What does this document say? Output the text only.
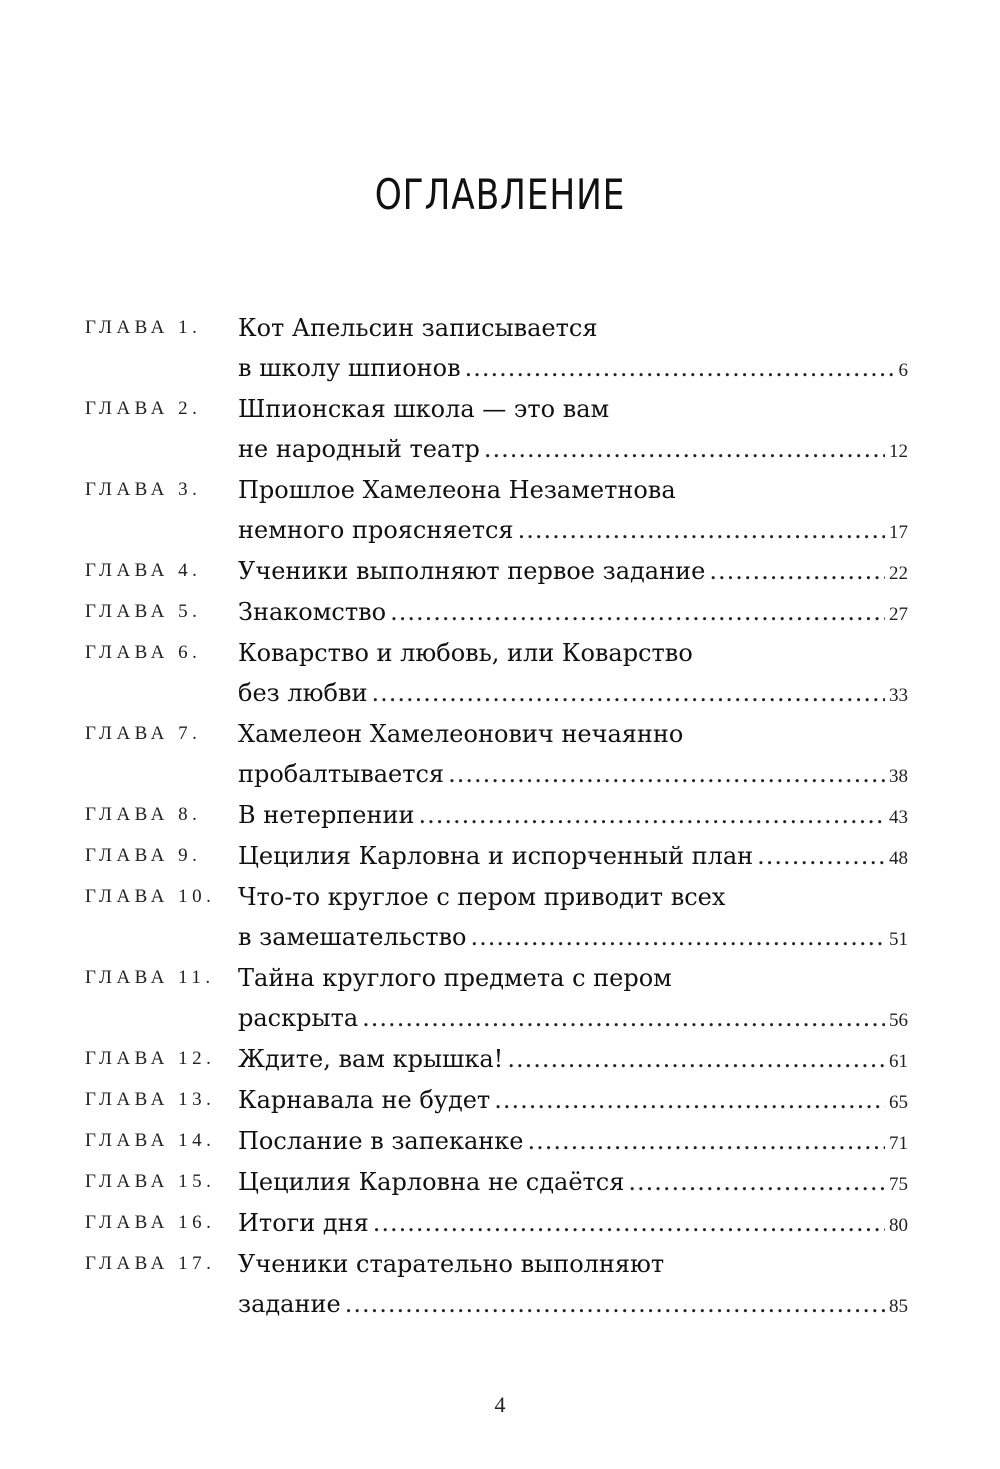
ОГЛАВЛЕНИЕ
ГЛАВА 1. Кот Апельсин записывается
в школу шпионов .....	6
ГЛАВА 2. Шпионская школа — это вам
не народный театр .....	12
ГЛАВА 3. Прошлое Хамелеона Незаметнова
немного проясняется .....	17
ГЛАВА 4. Ученики выполняют первое задание .....	22
ГЛАВА 5. Знакомство .....	27
ГЛАВА 6. Коварство и любовь, или Коварство
без любви .....	33
ГЛАВА 7. Хамелеон Хамелеонович нечаянно
пробалтывается .....	38
ГЛАВА 8. В нетерпении .....	43
ГЛАВА 9. Цецилия Карловна и испорченный план .....	48
ГЛАВА 10. Что-то круглое с пером приводит всех
в замешательство .....	51
ГЛАВА 11. Тайна круглого предмета с пером
раскрыта .....	56
ГЛАВА 12. Ждите, вам крышка! .....	61
ГЛАВА 13. Карнавала не будет .....	65
ГЛАВА 14. Послание в запеканке .....	71
ГЛАВА 15. Цецилия Карловна не сдаётся .....	75
ГЛАВА 16. Итоги дня .....	80
ГЛАВА 17. Ученики старательно выполняют
задание .....	85
4
